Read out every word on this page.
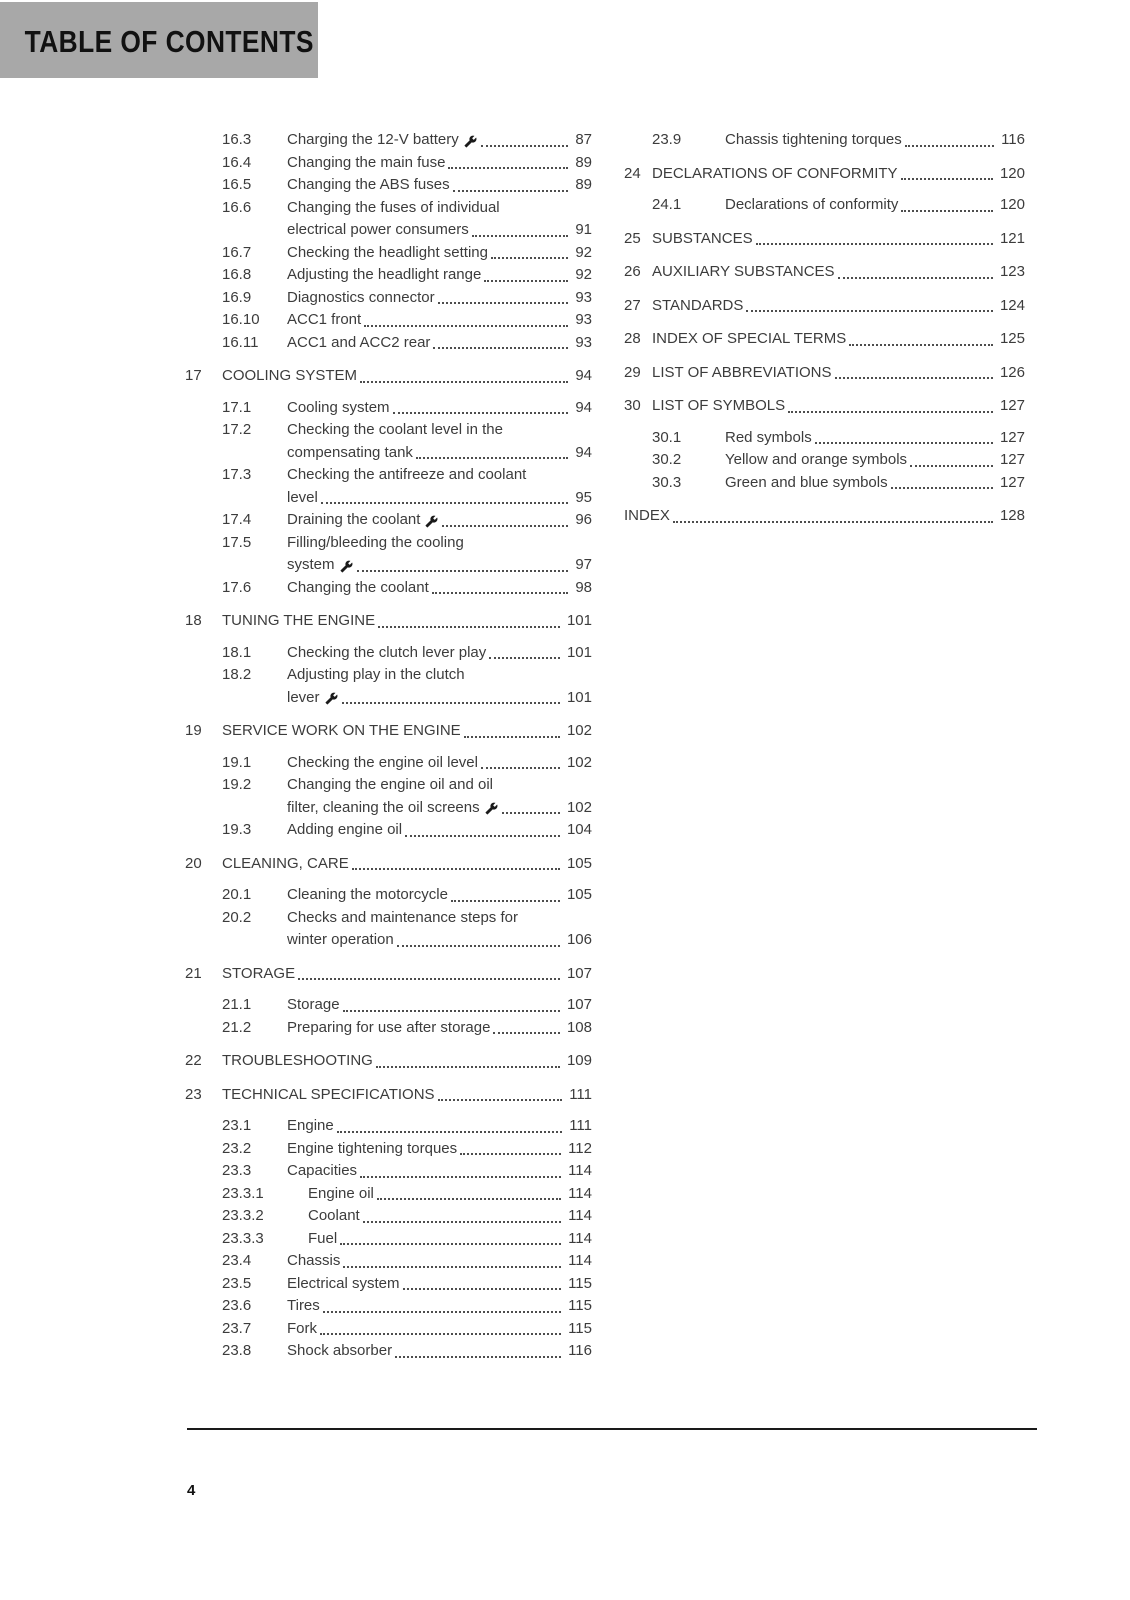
TABLE OF CONTENTS
16.3	Charging the 12-V battery	87
16.4	Changing the main fuse	89
16.5	Changing the ABS fuses	89
16.6	Changing the fuses of individual
electrical power consumers	91
16.7	Checking the headlight setting	92
16.8	Adjusting the headlight range	92
16.9	Diagnostics connector	93
16.10	ACC1 front	93
16.11	ACC1 and ACC2 rear	93
17	COOLING SYSTEM	94
17.1	Cooling system	94
17.2	Checking the coolant level in the
compensating tank	94
17.3	Checking the antifreeze and coolant
level	95
17.4	Draining the coolant	96
17.5	Filling/bleeding the cooling
system	97
17.6	Changing the coolant	98
18	TUNING THE ENGINE	101
18.1	Checking the clutch lever play	101
18.2	Adjusting play in the clutch
lever	101
19	SERVICE WORK ON THE ENGINE	102
19.1	Checking the engine oil level	102
19.2	Changing the engine oil and oil
filter, cleaning the oil screens	102
19.3	Adding engine oil	104
20	CLEANING, CARE	105
20.1	Cleaning the motorcycle	105
20.2	Checks and maintenance steps for
winter operation	106
21	STORAGE	107
21.1	Storage	107
21.2	Preparing for use after storage	108
22	TROUBLESHOOTING	109
23	TECHNICAL SPECIFICATIONS	111
23.1	Engine	111
23.2	Engine tightening torques	112
23.3	Capacities	114
23.3.1	Engine oil	114
23.3.2	Coolant	114
23.3.3	Fuel	114
23.4	Chassis	114
23.5	Electrical system	115
23.6	Tires	115
23.7	Fork	115
23.8	Shock absorber	116
23.9	Chassis tightening torques	116
24 DECLARATIONS OF CONFORMITY	120
24.1	Declarations of conformity	120
25 SUBSTANCES	121
26 AUXILIARY SUBSTANCES	123
27 STANDARDS	124
28 INDEX OF SPECIAL TERMS	125
29 LIST OF ABBREVIATIONS	126
30 LIST OF SYMBOLS	127
30.1	Red symbols	127
30.2	Yellow and orange symbols	127
30.3	Green and blue symbols	127
INDEX	128
4
